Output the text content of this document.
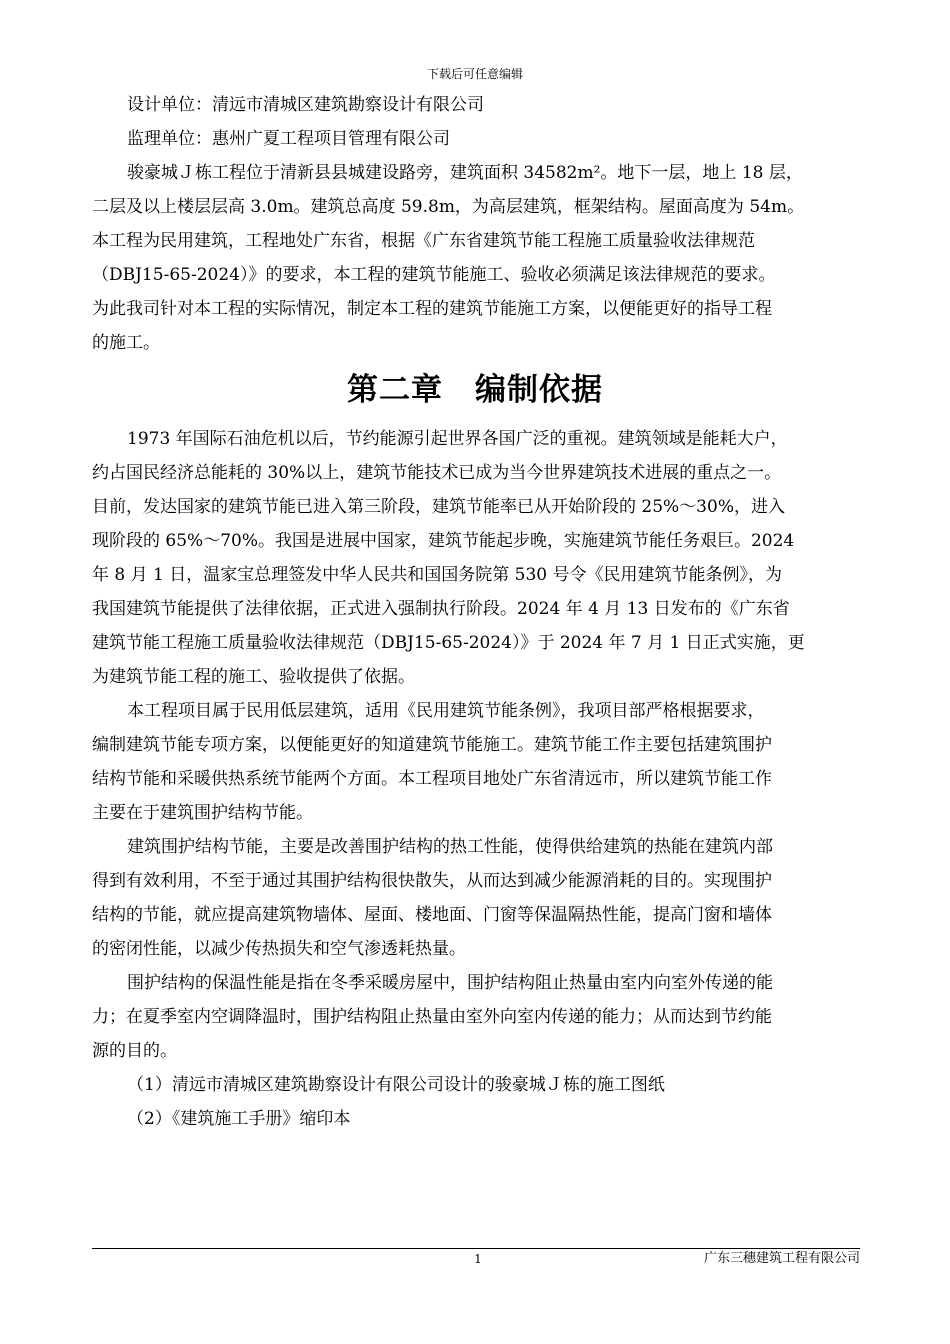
下载后可任意编辑

设计单位：清远市清城区建筑勘察设计有限公司

监理单位：惠州广夏工程项目管理有限公司

骏豪城Ｊ栋工程位于清新县县城建设路旁，建筑面积 34582m²。地下一层，地上 18 层，

二层及以上楼层层高 3.0m。建筑总高度 59.8m，为高层建筑，框架结构。屋面高度为 54m。

本工程为民用建筑，工程地处广东省，根据《广东省建筑节能工程施工质量验收法律规范

（DBJ15-65-2024）》的要求，本工程的建筑节能施工、验收必须满足该法律规范的要求。

为此我司针对本工程的实际情况，制定本工程的建筑节能施工方案，以便能更好的指导工程

的施工。

第二章　编制依据

1973 年国际石油危机以后，节约能源引起世界各国广泛的重视。建筑领域是能耗大户，

约占国民经济总能耗的 30%以上，建筑节能技术已成为当今世界建筑技术进展的重点之一。

目前，发达国家的建筑节能已进入第三阶段，建筑节能率已从开始阶段的 25%～30%，进入

现阶段的 65%～70%。我国是进展中国家，建筑节能起步晚，实施建筑节能任务艰巨。2024

年 8 月 1 日，温家宝总理签发中华人民共和国国务院第 530 号令《民用建筑节能条例》，为

我国建筑节能提供了法律依据，正式进入强制执行阶段。2024 年 4 月 13 日发布的《广东省

建筑节能工程施工质量验收法律规范（DBJ15-65-2024）》于 2024 年 7 月 1 日正式实施，更

为建筑节能工程的施工、验收提供了依据。

本工程项目属于民用低层建筑，适用《民用建筑节能条例》，我项目部严格根据要求，

编制建筑节能专项方案，以便能更好的知道建筑节能施工。建筑节能工作主要包括建筑围护

结构节能和采暖供热系统节能两个方面。本工程项目地处广东省清远市，所以建筑节能工作

主要在于建筑围护结构节能。

建筑围护结构节能，主要是改善围护结构的热工性能，使得供给建筑的热能在建筑内部

得到有效利用，不至于通过其围护结构很快散失，从而达到减少能源消耗的目的。实现围护

结构的节能，就应提高建筑物墙体、屋面、楼地面、门窗等保温隔热性能，提高门窗和墙体

的密闭性能，以减少传热损失和空气渗透耗热量。

围护结构的保温性能是指在冬季采暖房屋中，围护结构阻止热量由室内向室外传递的能

力；在夏季室内空调降温时，围护结构阻止热量由室外向室内传递的能力；从而达到节约能

源的目的。

（1）清远市清城区建筑勘察设计有限公司设计的骏豪城Ｊ栋的施工图纸

（2）《建筑施工手册》缩印本

1	广东三穗建筑工程有限公司
